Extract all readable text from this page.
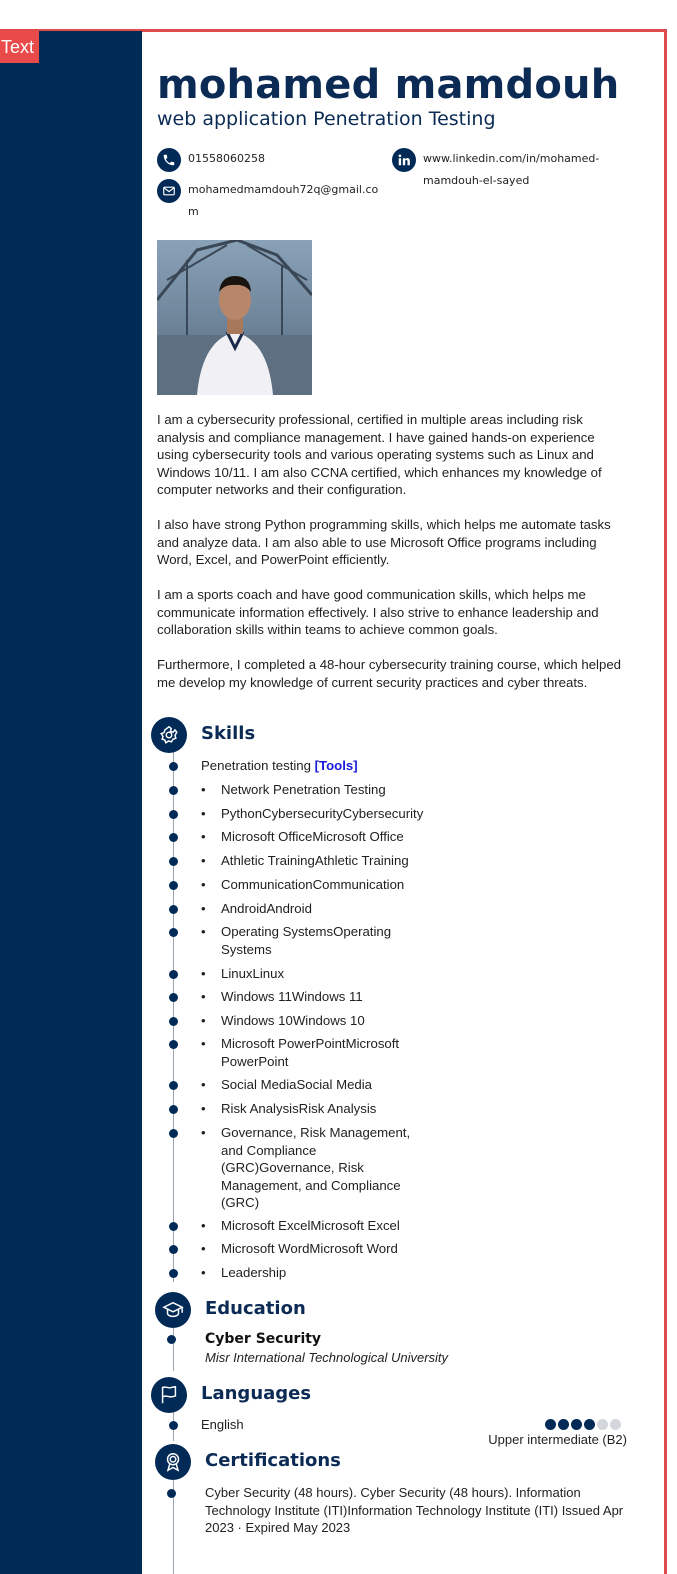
Text
mohamed mamdouh
web application Penetration Testing
01558060258
mohamedmamdouh72q@gmail.co
m
www.linkedin.com/in/mohamed-
mamdouh-el-sayed

I am a cybersecurity professional, certified in multiple areas including risk analysis and compliance management. I have gained hands-on experience using cybersecurity tools and various operating systems such as Linux and Windows 10/11. I am also CCNA certified, which enhances my knowledge of computer networks and their configuration.

I also have strong Python programming skills, which helps me automate tasks and analyze data. I am also able to use Microsoft Office programs including Word, Excel, and PowerPoint efficiently.

I am a sports coach and have good communication skills, which helps me communicate information effectively. I also strive to enhance leadership and collaboration skills within teams to achieve common goals.

Furthermore, I completed a 48-hour cybersecurity training course, which helped me develop my knowledge of current security practices and cyber threats.

Skills
Penetration testing [Tools]
• Network Penetration Testing
• PythonCybersecurityCybersecurity
• Microsoft OfficeMicrosoft Office
• Athletic TrainingAthletic Training
• CommunicationCommunication
• AndroidAndroid
• Operating SystemsOperating Systems
• LinuxLinux
• Windows 11Windows 11
• Windows 10Windows 10
• Microsoft PowerPointMicrosoft PowerPoint
• Social MediaSocial Media
• Risk AnalysisRisk Analysis
• Governance, Risk Management, and Compliance (GRC)Governance, Risk Management, and Compliance (GRC)
• Microsoft ExcelMicrosoft Excel
• Microsoft WordMicrosoft Word
• Leadership
Education
Cyber Security
Misr International Technological University
Languages
English
Upper intermediate (B2)
Certifications
Cyber Security (48 hours). Cyber Security (48 hours). Information Technology Institute (ITI)Information Technology Institute (ITI) Issued Apr 2023 · Expired May 2023
